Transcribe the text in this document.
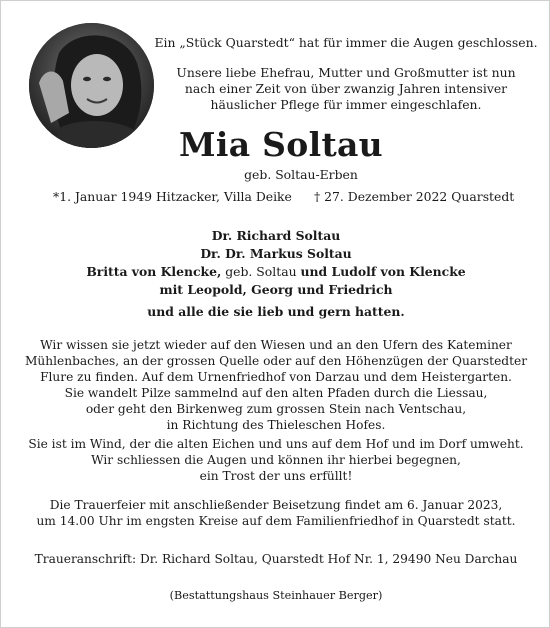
Ein „Stück Quarstedt“ hat für immer die Augen geschlossen.
Unsere liebe Ehefrau, Mutter und Großmutter ist nun
nach einer Zeit von über zwanzig Jahren intensiver
häuslicher Pflege für immer eingeschlafen.
Mia Soltau
geb. Soltau-Erben
*1. Januar 1949 Hitzacker, Villa Deike † 27. Dezember 2022 Quarstedt
Dr. Richard Soltau
Dr. Dr. Markus Soltau
Britta von Klencke, geb. Soltau und Ludolf von Klencke
mit Leopold, Georg und Friedrich
und alle die sie lieb und gern hatten.
Wir wissen sie jetzt wieder auf den Wiesen und an den Ufern des Kateminer
Mühlenbaches, an der grossen Quelle oder auf den Höhenzügen der Quarstedter
Flure zu finden. Auf dem Urnenfriedhof von Darzau und dem Heistergarten.
Sie wandelt Pilze sammelnd auf den alten Pfaden durch die Liessau,
oder geht den Birkenweg zum grossen Stein nach Ventschau,
in Richtung des Thieleschen Hofes.
Sie ist im Wind, der die alten Eichen und uns auf dem Hof und im Dorf umweht.
Wir schliessen die Augen und können ihr hierbei begegnen,
ein Trost der uns erfüllt!
Die Trauerfeier mit anschließender Beisetzung findet am 6. Januar 2023,
um 14.00 Uhr im engsten Kreise auf dem Familienfriedhof in Quarstedt statt.
Traueranschrift: Dr. Richard Soltau, Quarstedt Hof Nr. 1, 29490 Neu Darchau
(Bestattungshaus Steinhauer Berger)
